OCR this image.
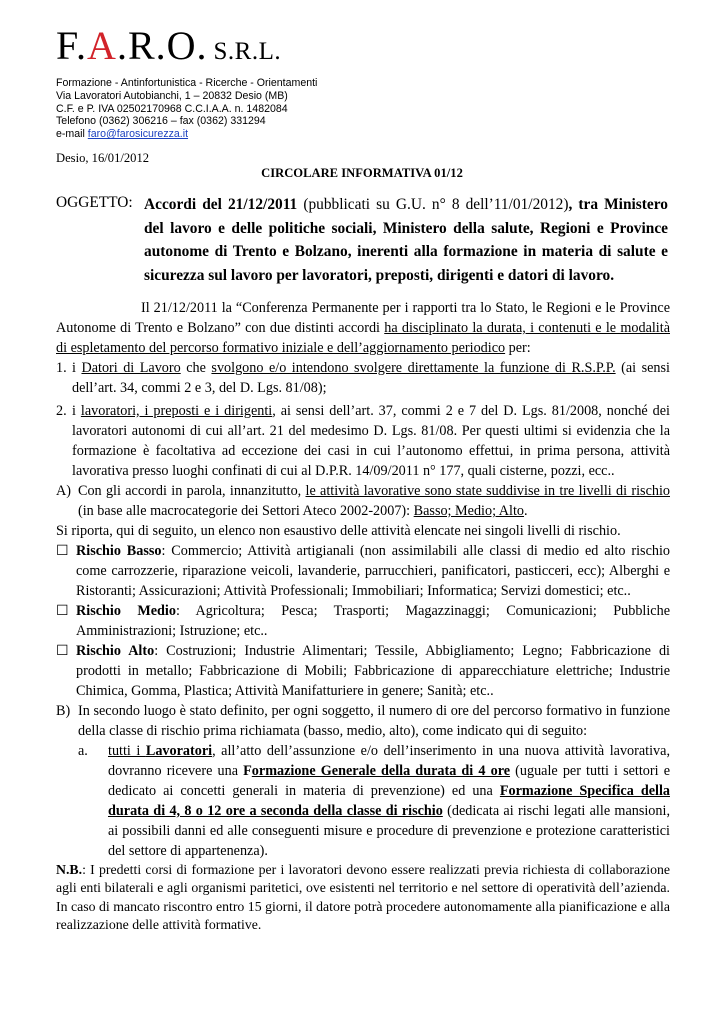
F.A.R.O. S.R.L.
Formazione - Antinfortunistica - Ricerche - Orientamenti
Via Lavoratori Autobianchi, 1 – 20832 Desio (MB)
C.F. e P. IVA 02502170968 C.C.I.A.A. n. 1482084
Telefono (0362) 306216 – fax (0362) 331294
e-mail faro@farosicurezza.it
Desio, 16/01/2012
CIRCOLARE INFORMATIVA 01/12
OGGETTO: Accordi del 21/12/2011 (pubblicati su G.U. n° 8 dell’11/01/2012), tra Ministero del lavoro e delle politiche sociali, Ministero della salute, Regioni e Province autonome di Trento e Bolzano, inerenti alla formazione in materia di salute e sicurezza sul lavoro per lavoratori, preposti, dirigenti e datori di lavoro.

Il 21/12/2011 la “Conferenza Permanente per i rapporti tra lo Stato, le Regioni e le Province Autonome di Trento e Bolzano” con due distinti accordi ha disciplinato la durata, i contenuti e le modalità di espletamento del percorso formativo iniziale e dell’aggiornamento periodico per:

1. i Datori di Lavoro che svolgono e/o intendono svolgere direttamente la funzione di R.S.P.P. (ai sensi dell’art. 34, commi 2 e 3, del D. Lgs. 81/08);
2. i lavoratori, i preposti e i dirigenti, ai sensi dell’art. 37, commi 2 e 7 del D. Lgs. 81/2008, nonché dei lavoratori autonomi di cui all’art. 21 del medesimo D. Lgs. 81/08. Per questi ultimi si evidenzia che la formazione è facoltativa ad eccezione dei casi in cui l’autonomo effettui, in prima persona, attività lavorativa presso luoghi confinati di cui al D.P.R. 14/09/2011 n° 177, quali cisterne, pozzi, ecc..

A) Con gli accordi in parola, innanzitutto, le attività lavorative sono state suddivise in tre livelli di rischio (in base alle macrocategorie dei Settori Ateco 2002-2007): Basso; Medio; Alto.

Si riporta, qui di seguito, un elenco non esaustivo delle attività elencate nei singoli livelli di rischio.

☐ Rischio Basso: Commercio; Attività artigianali (non assimilabili alle classi di medio ed alto rischio come carrozzerie, riparazione veicoli, lavanderie, parrucchieri, panificatori, pasticceri, ecc); Alberghi e Ristoranti; Assicurazioni; Attività Professionali; Immobiliari; Informatica; Servizi domestici; etc..

☐ Rischio Medio: Agricoltura; Pesca; Trasporti; Magazzinaggi; Comunicazioni; Pubbliche Amministrazioni; Istruzione; etc..

☐ Rischio Alto: Costruzioni; Industrie Alimentari; Tessile, Abbigliamento; Legno; Fabbricazione di prodotti in metallo; Fabbricazione di Mobili; Fabbricazione di apparecchiature elettriche; Industrie Chimica, Gomma, Plastica; Attività Manifatturiere in genere; Sanità; etc..

B) In secondo luogo è stato definito, per ogni soggetto, il numero di ore del percorso formativo in funzione della classe di rischio prima richiamata (basso, medio, alto), come indicato qui di seguito:

a. tutti i Lavoratori, all’atto dell’assunzione e/o dell’inserimento in una nuova attività lavorativa, dovranno ricevere una Formazione Generale della durata di 4 ore (uguale per tutti i settori e dedicato ai concetti generali in materia di prevenzione) ed una Formazione Specifica della durata di 4, 8 o 12 ore a seconda della classe di rischio (dedicata ai rischi legati alle mansioni, ai possibili danni ed alle conseguenti misure e procedure di prevenzione e protezione caratteristici del settore di appartenenza).

N.B.: I predetti corsi di formazione per i lavoratori devono essere realizzati previa richiesta di collaborazione agli enti bilaterali e agli organismi paritetici, ove esistenti nel territorio e nel settore di operatività dell’azienda. In caso di mancato riscontro entro 15 giorni, il datore potrà procedere autonomamente alla pianificazione e alla realizzazione delle attività formative.
